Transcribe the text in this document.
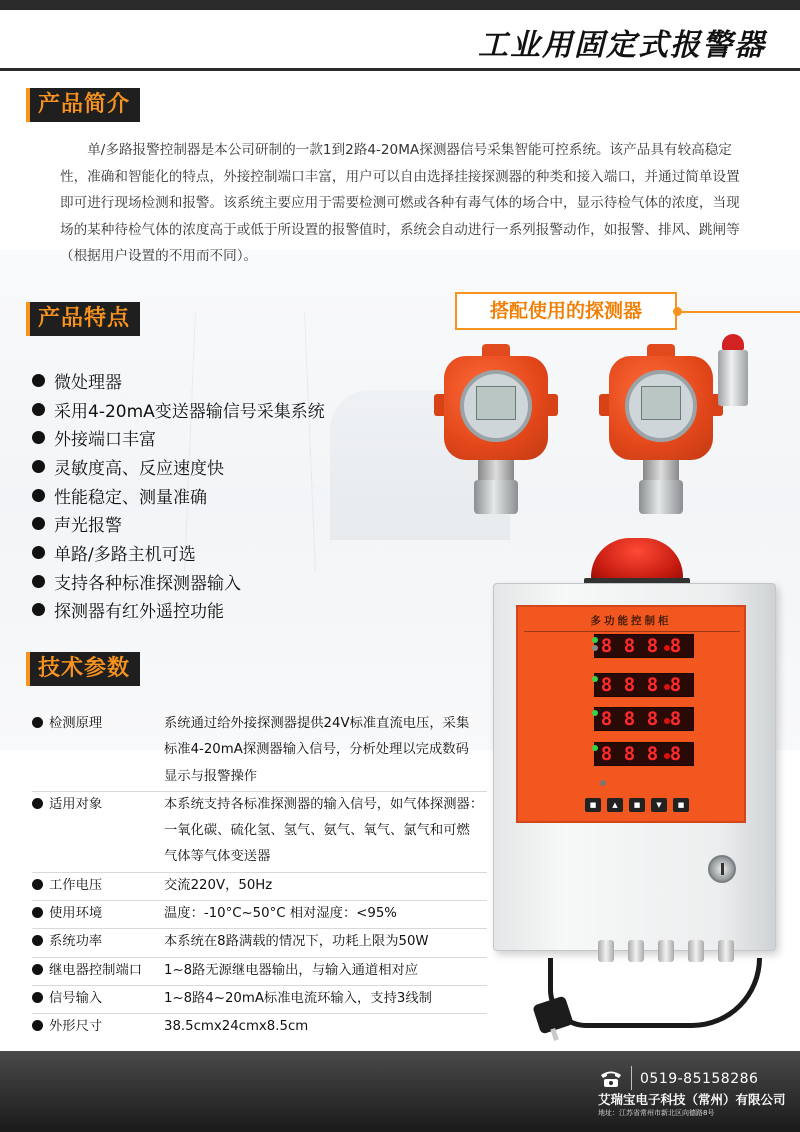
工业用固定式报警器
产品简介
单/多路报警控制器是本公司研制的一款1到2路4-20MA探测器信号采集智能可控系统。该产品具有较高稳定性，准确和智能化的特点，外接控制端口丰富，用户可以自由选择挂接探测器的种类和接入端口，并通过简单设置即可进行现场检测和报警。该系统主要应用于需要检测可燃或各种有毒气体的场合中，显示待检气体的浓度，当现场的某种待检气体的浓度高于或低于所设置的报警值时，系统会自动进行一系列报警动作，如报警、排风、跳闸等（根据用户设置的不用而不同）。
产品特点
微处理器
采用4-20mA变送器输信号采集系统
外接端口丰富
灵敏度高、反应速度快
性能稳定、测量准确
声光报警
单路/多路主机可选
支持各种标准探测器输入
探测器有红外遥控功能
搭配使用的探测器
多功能控制柜
8 8 8 8
8 8 8 8
8 8 8 8
8 8 8 8
■	▲	■	▼	■
技术参数
检测原理	系统通过给外接探测器提供24V标准直流电压，采集
标准4-20mA探测器输入信号，分析处理以完成数码
显示与报警操作
适用对象	本系统支持各标准探测器的输入信号，如气体探测器：
一氧化碳、硫化氢、氢气、氨气、氧气、氯气和可燃
气体等气体变送器
工作电压	交流220V，50Hz
使用环境	温度：-10°C~50°C 相对湿度：<95%
系统功率	本系统在8路满载的情况下，功耗上限为50W
继电器控制端口	1~8路无源继电器输出，与输入通道相对应
信号输入	1~8路4~20mA标准电流环输入，支持3线制
外形尺寸	38.5cmx24cmx8.5cm
0519-85158286
艾瑞宝电子科技（常州）有限公司
地址：江苏省常州市新北区向德路8号
